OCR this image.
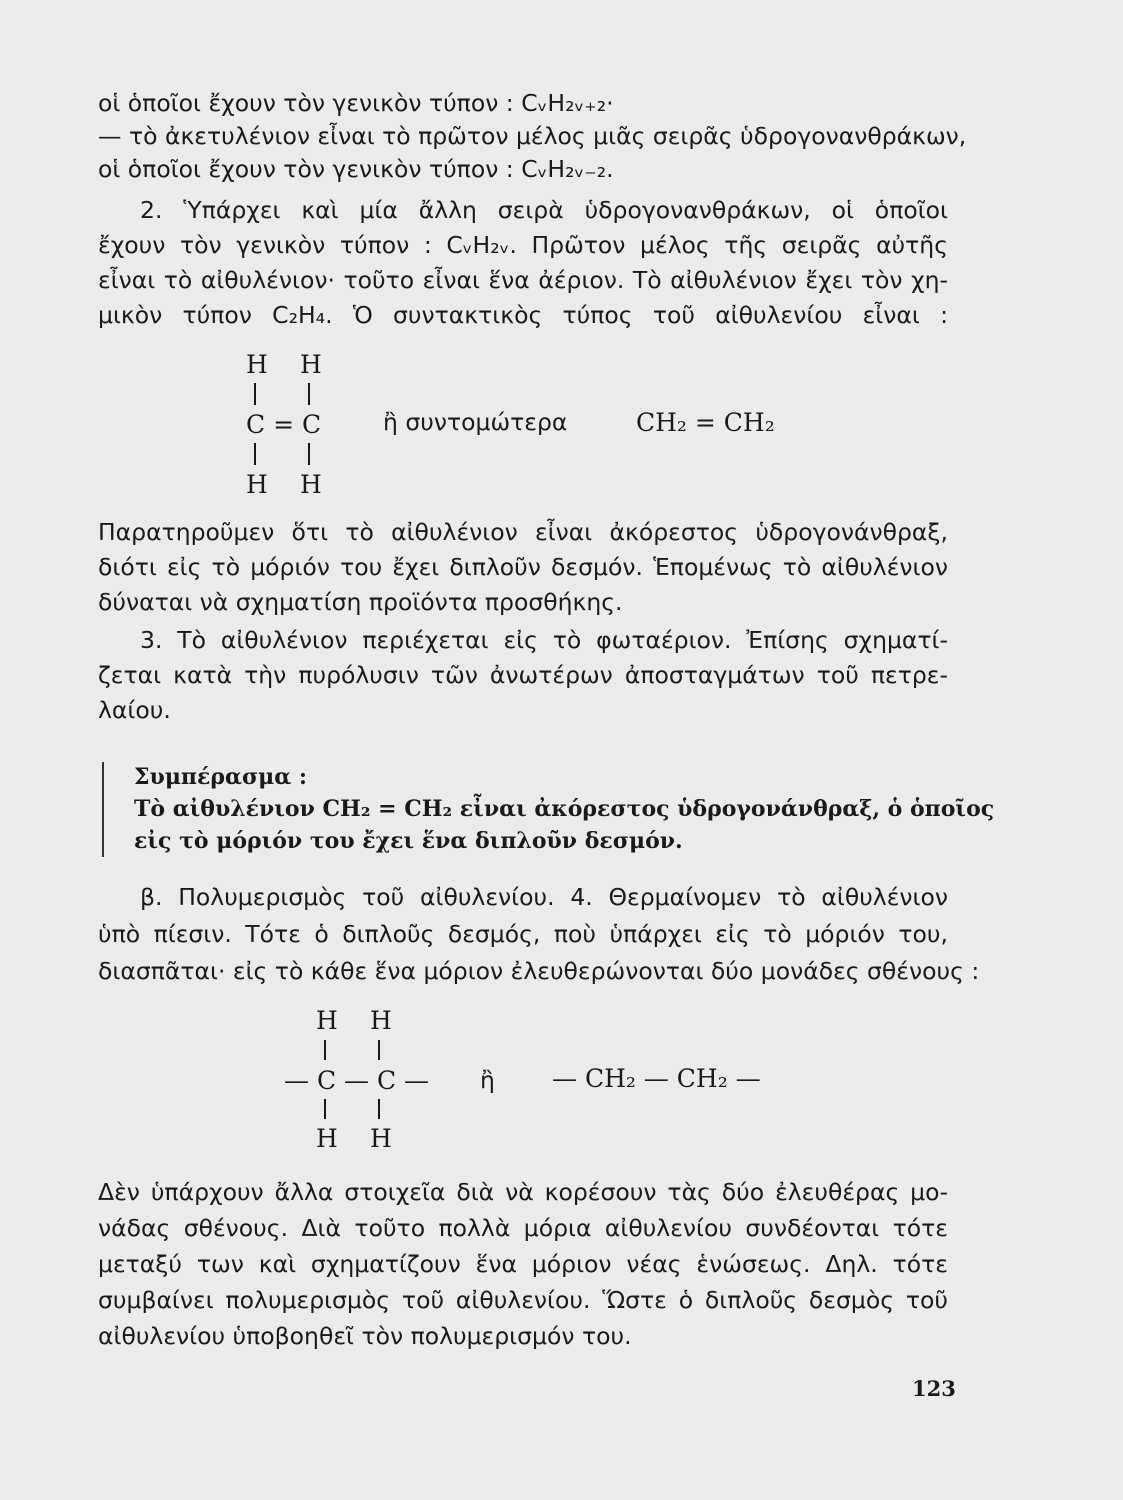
οἱ ὁποῖοι ἔχουν τὸν γενικὸν τύπον : CᵥH₂ᵥ₊₂·
— τὸ ἀκετυλένιον εἶναι τὸ πρῶτον μέλος μιᾶς σειρᾶς ὑδρογονανθράκων,
οἱ ὁποῖοι ἔχουν τὸν γενικὸν τύπον : CᵥH₂ᵥ₋₂.
2. Ὑπάρχει καὶ μία ἄλλη σειρὰ ὑδρογονανθράκων, οἱ ὁποῖοι
ἔχουν τὸν γενικὸν τύπον : CᵥH₂ᵥ. Πρῶτον μέλος τῆς σειρᾶς αὐτῆς
εἶναι τὸ αἰθυλένιον· τοῦτο εἶναι ἕνα ἀέριον. Τὸ αἰθυλένιον ἔχει τὸν χη-
μικὸν τύπον C₂H₄. Ὁ συντακτικὸς τύπος τοῦ αἰθυλενίου εἶναι :
H H
C = C
H H
ἢ συντομώτερα	CH₂ = CH₂
Παρατηροῦμεν ὅτι τὸ αἰθυλένιον εἶναι ἀκόρεστος ὑδρογονάνθραξ,
διότι εἰς τὸ μόριόν του ἔχει διπλοῦν δεσμόν. Ἑπομένως τὸ αἰθυλένιον
δύναται νὰ σχηματίση προϊόντα προσθήκης.
3. Τὸ αἰθυλένιον περιέχεται εἰς τὸ φωταέριον. Ἐπίσης σχηματί-
ζεται κατὰ τὴν πυρόλυσιν τῶν ἀνωτέρων ἀποσταγμάτων τοῦ πετρε-
λαίου.
Συμπέρασμα :
Τὸ αἰθυλένιον CH₂ = CH₂ εἶναι ἀκόρεστος ὑδρογονάνθραξ, ὁ ὁποῖος
εἰς τὸ μόριόν του ἔχει ἕνα διπλοῦν δεσμόν.
β. Πολυμερισμὸς τοῦ αἰθυλενίου. 4. Θερμαίνομεν τὸ αἰθυλένιον
ὑπὸ πίεσιν. Τότε ὁ διπλοῦς δεσμός, ποὺ ὑπάρχει εἰς τὸ μόριόν του,
διασπᾶται· εἰς τὸ κάθε ἕνα μόριον ἐλευθερώνονται δύο μονάδες σθένους :
H H
— C — C —
H H
ἢ — CH₂ — CH₂ —
Δὲν ὑπάρχουν ἄλλα στοιχεῖα διὰ νὰ κορέσουν τὰς δύο ἐλευθέρας μο-
νάδας σθένους. Διὰ τοῦτο πολλὰ μόρια αἰθυλενίου συνδέονται τότε
μεταξύ των καὶ σχηματίζουν ἕνα μόριον νέας ἑνώσεως. Δηλ. τότε
συμβαίνει πολυμερισμὸς τοῦ αἰθυλενίου. Ὥστε ὁ διπλοῦς δεσμὸς τοῦ
αἰθυλενίου ὑποβοηθεῖ τὸν πολυμερισμόν του.
123
